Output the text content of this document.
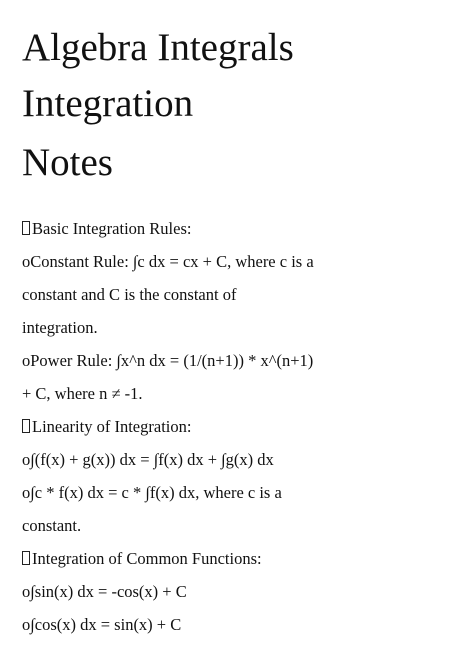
Algebra Integrals
Integration
Notes
Basic Integration Rules:
oConstant Rule: ∫c dx = cx + C, where c is a
constant and C is the constant of
integration.
oPower Rule: ∫x^n dx = (1/(n+1)) * x^(n+1)
+ C, where n ≠ -1.
Linearity of Integration:
o∫(f(x) + g(x)) dx = ∫f(x) dx + ∫g(x) dx
o∫c * f(x) dx = c * ∫f(x) dx, where c is a
constant.
Integration of Common Functions:
o∫sin(x) dx = -cos(x) + C
o∫cos(x) dx = sin(x) + C
